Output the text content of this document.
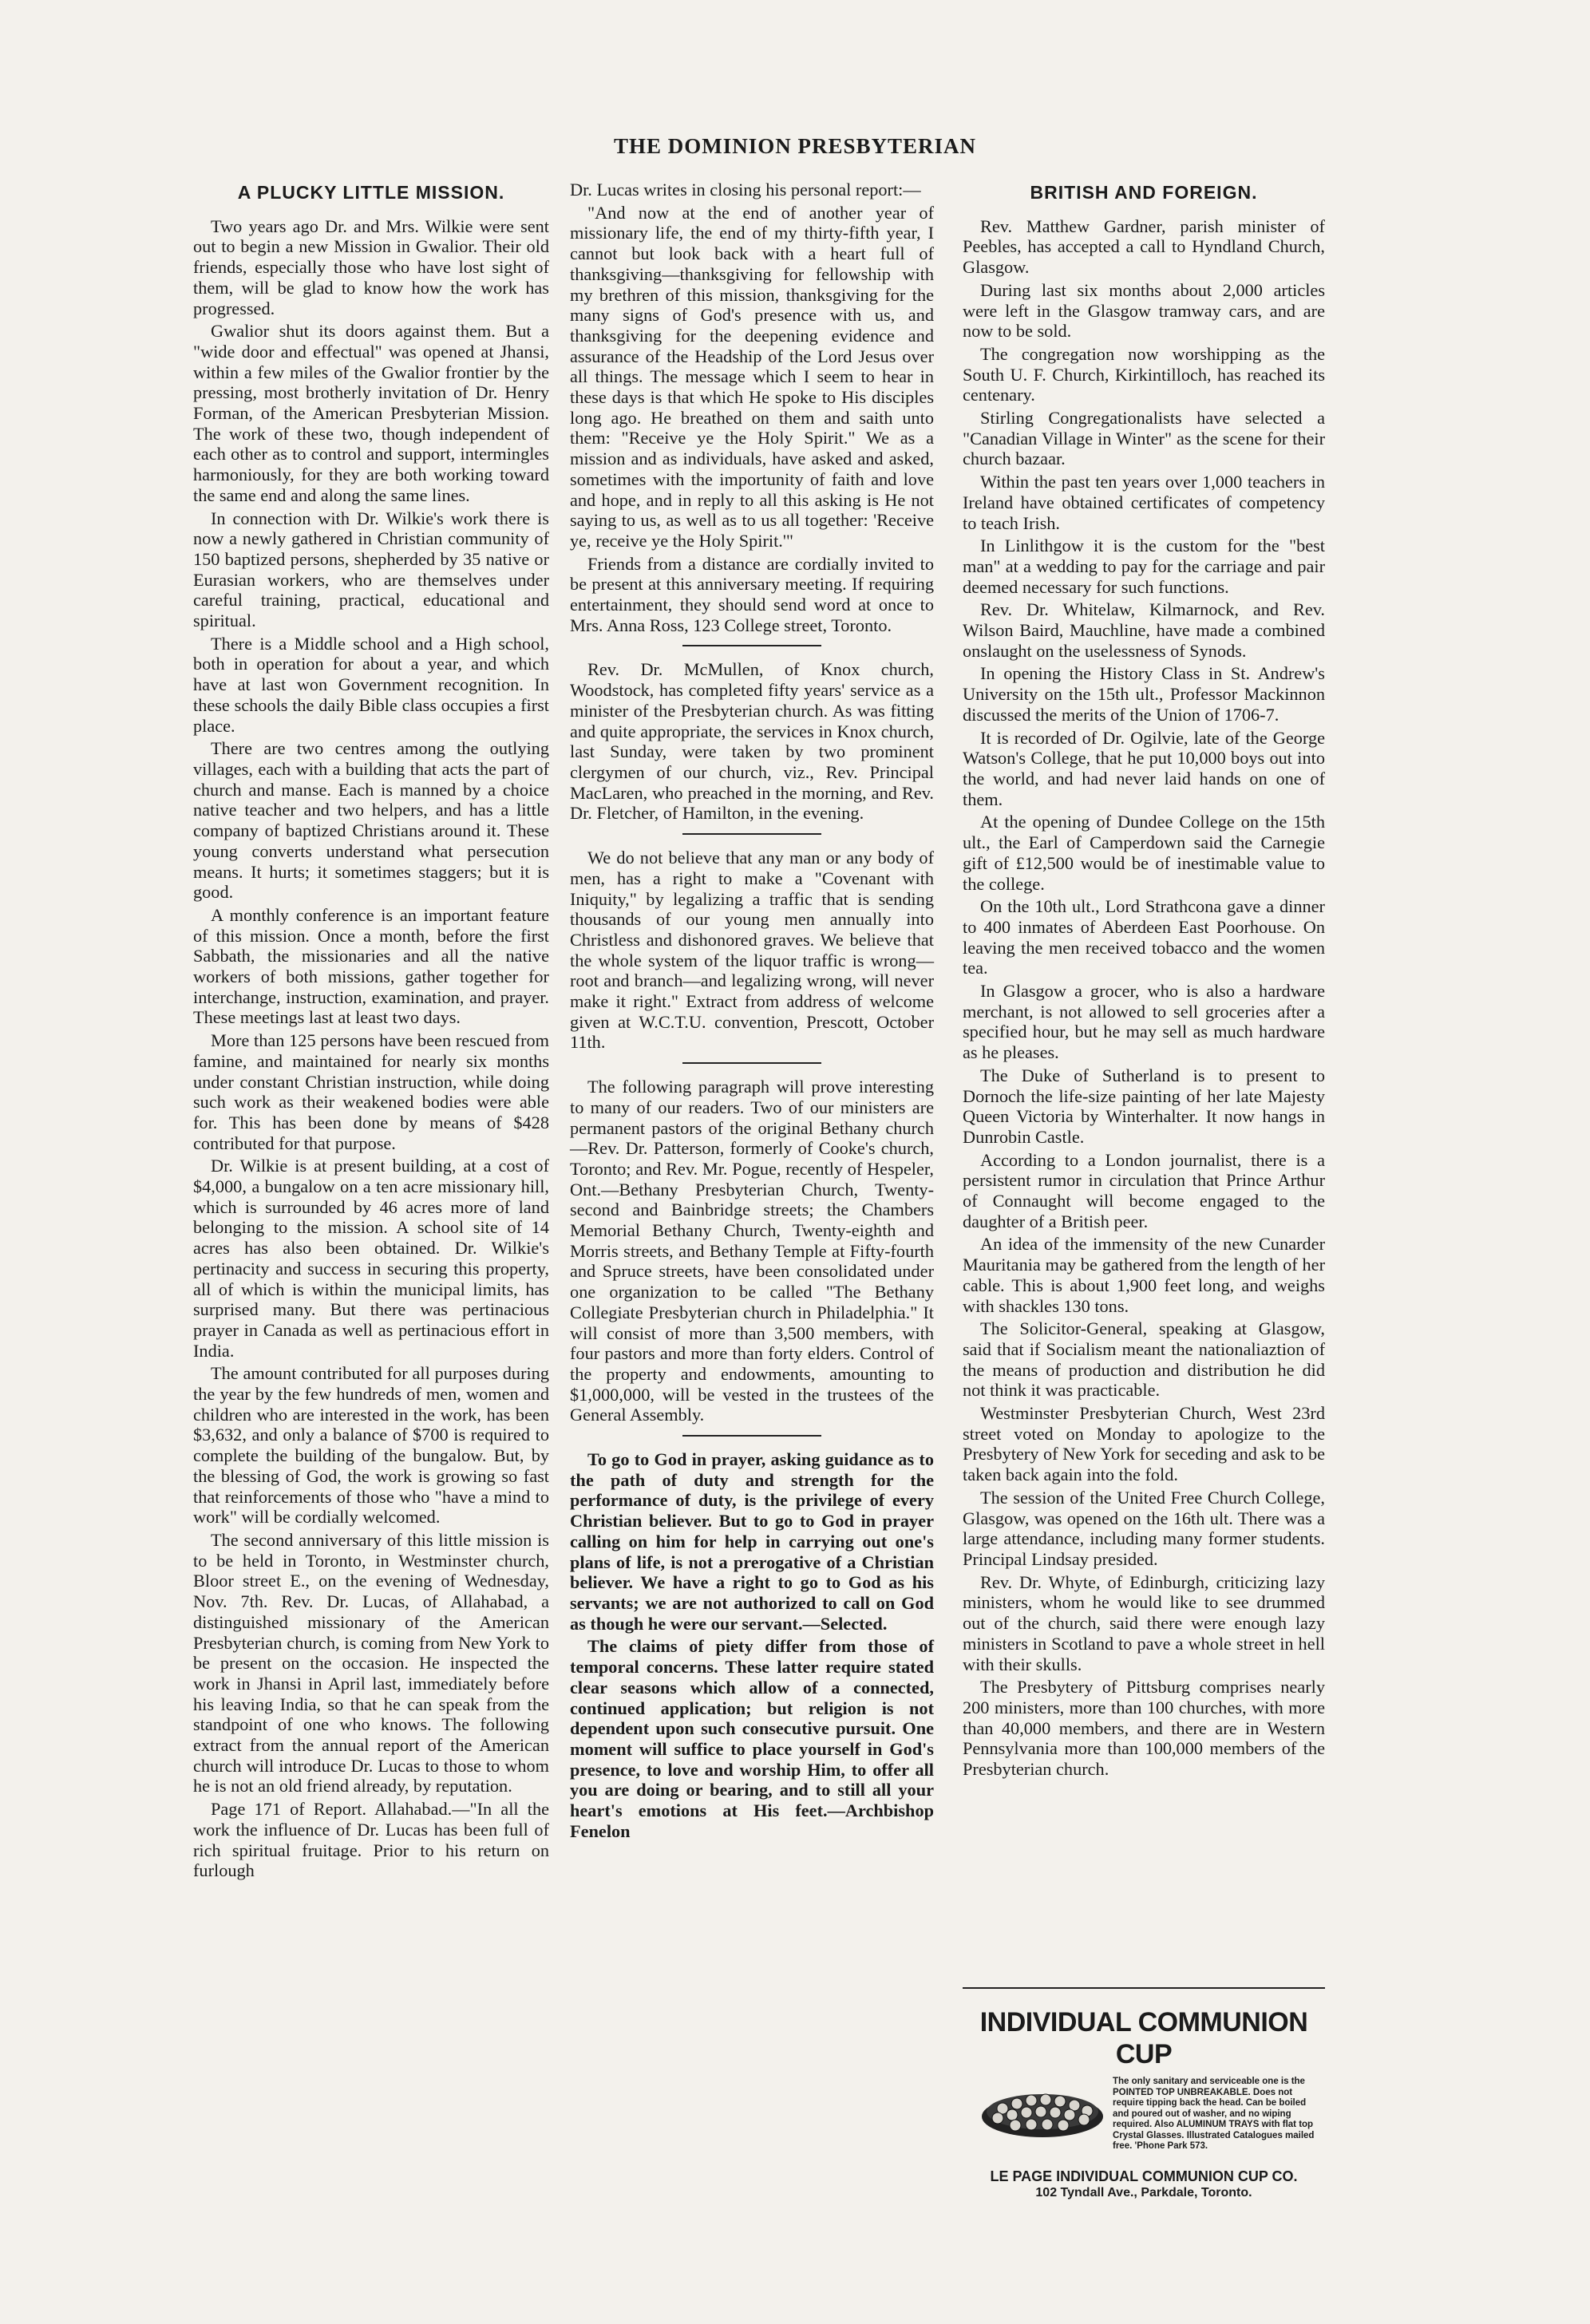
THE DOMINION PRESBYTERIAN
A PLUCKY LITTLE MISSION.

Two years ago Dr. and Mrs. Wilkie were sent out to begin a new Mission in Gwalior. Their old friends, especially those who have lost sight of them, will be glad to know how the work has progressed.

Gwalior shut its doors against them. But a "wide door and effectual" was opened at Jhansi, within a few miles of the Gwalior frontier by the pressing, most brotherly invitation of Dr. Henry Forman, of the American Presbyterian Mission. The work of these two, though independent of each other as to control and support, intermingles harmoniously, for they are both working toward the same end and along the same lines.

In connection with Dr. Wilkie's work there is now a newly gathered in Christian community of 150 baptized persons, shepherded by 35 native or Eurasian workers, who are themselves under careful training, practical, educational and spiritual.

There is a Middle school and a High school, both in operation for about a year, and which have at last won Government recognition. In these schools the daily Bible class occupies a first place.

There are two centres among the outlying villages, each with a building that acts the part of church and manse. Each is manned by a choice native teacher and two helpers, and has a little company of baptized Christians around it. These young converts understand what persecution means. It hurts; it sometimes staggers; but it is good.

A monthly conference is an important feature of this mission. Once a month, before the first Sabbath, the missionaries and all the native workers of both missions, gather together for interchange, instruction, examination, and prayer. These meetings last at least two days.

More than 125 persons have been rescued from famine, and maintained for nearly six months under constant Christian instruction, while doing such work as their weakened bodies were able for. This has been done by means of $428 contributed for that purpose.

Dr. Wilkie is at present building, at a cost of $4,000, a bungalow on a ten acre missionary hill, which is surrounded by 46 acres more of land belonging to the mission. A school site of 14 acres has also been obtained. Dr. Wilkie's pertinacity and success in securing this property, all of which is within the municipal limits, has surprised many. But there was pertinacious prayer in Canada as well as pertinacious effort in India.

The amount contributed for all purposes during the year by the few hundreds of men, women and children who are interested in the work, has been $3,632, and only a balance of $700 is required to complete the building of the bungalow. But, by the blessing of God, the work is growing so fast that reinforcements of those who "have a mind to work" will be cordially welcomed.

The second anniversary of this little mission is to be held in Toronto, in Westminster church, Bloor street E., on the evening of Wednesday, Nov. 7th. Rev. Dr. Lucas, of Allahabad, a distinguished missionary of the American Presbyterian church, is coming from New York to be present on the occasion. He inspected the work in Jhansi in April last, immediately before his leaving India, so that he can speak from the standpoint of one who knows. The following extract from the annual report of the American church will introduce Dr. Lucas to those to whom he is not an old friend already, by reputation.

Page 171 of Report. Allahabad.—"In all the work the influence of Dr. Lucas has been full of rich spiritual fruitage. Prior to his return on furlough

Dr. Lucas writes in closing his personal report:—

"And now at the end of another year of missionary life, the end of my thirty-fifth year, I cannot but look back with a heart full of thanksgiving—thanksgiving for fellowship with my brethren of this mission, thanksgiving for the many signs of God's presence with us, and thanksgiving for the deepening evidence and assurance of the Headship of the Lord Jesus over all things. The message which I seem to hear in these days is that which He spoke to His disciples long ago. He breathed on them and saith unto them: "Receive ye the Holy Spirit." We as a mission and as individuals, have asked and asked, sometimes with the importunity of faith and love and hope, and in reply to all this asking is He not saying to us, as well as to us all together: 'Receive ye, receive ye the Holy Spirit.'"

Friends from a distance are cordially invited to be present at this anniversary meeting. If requiring entertainment, they should send word at once to Mrs. Anna Ross, 123 College street, Toronto.

Rev. Dr. McMullen, of Knox church, Woodstock, has completed fifty years' service as a minister of the Presbyterian church. As was fitting and quite appropriate, the services in Knox church, last Sunday, were taken by two prominent clergymen of our church, viz., Rev. Principal MacLaren, who preached in the morning, and Rev. Dr. Fletcher, of Hamilton, in the evening.

We do not believe that any man or any body of men, has a right to make a "Covenant with Iniquity," by legalizing a traffic that is sending thousands of our young men annually into Christless and dishonored graves. We believe that the whole system of the liquor traffic is wrong—root and branch—and legalizing wrong, will never make it right." Extract from address of welcome given at W.C.T.U. convention, Prescott, October 11th.

The following paragraph will prove interesting to many of our readers. Two of our ministers are permanent pastors of the original Bethany church—Rev. Dr. Patterson, formerly of Cooke's church, Toronto; and Rev. Mr. Pogue, recently of Hespeler, Ont.—Bethany Presbyterian Church, Twenty-second and Bainbridge streets; the Chambers Memorial Bethany Church, Twenty-eighth and Morris streets, and Bethany Temple at Fifty-fourth and Spruce streets, have been consolidated under one organization to be called "The Bethany Collegiate Presbyterian church in Philadelphia." It will consist of more than 3,500 members, with four pastors and more than forty elders. Control of the property and endowments, amounting to $1,000,000, will be vested in the trustees of the General Assembly.

To go to God in prayer, asking guidance as to the path of duty and strength for the performance of duty, is the privilege of every Christian believer. But to go to God in prayer calling on him for help in carrying out one's plans of life, is not a prerogative of a Christian believer. We have a right to go to God as his servants; we are not authorized to call on God as though he were our servant.—Selected.

The claims of piety differ from those of temporal concerns. These latter require stated clear seasons which allow of a connected, continued application; but religion is not dependent upon such consecutive pursuit. One moment will suffice to place yourself in God's presence, to love and worship Him, to offer all you are doing or bearing, and to still all your heart's emotions at His feet.—Archbishop Fenelon

BRITISH AND FOREIGN.

Rev. Matthew Gardner, parish minister of Peebles, has accepted a call to Hyndland Church, Glasgow.

During last six months about 2,000 articles were left in the Glasgow tramway cars, and are now to be sold.

The congregation now worshipping as the South U. F. Church, Kirkintilloch, has reached its centenary.

Stirling Congregationalists have selected a "Canadian Village in Winter" as the scene for their church bazaar.

Within the past ten years over 1,000 teachers in Ireland have obtained certificates of competency to teach Irish.

In Linlithgow it is the custom for the "best man" at a wedding to pay for the carriage and pair deemed necessary for such functions.

Rev. Dr. Whitelaw, Kilmarnock, and Rev. Wilson Baird, Mauchline, have made a combined onslaught on the uselessness of Synods.

In opening the History Class in St. Andrew's University on the 15th ult., Professor Mackinnon discussed the merits of the Union of 1706-7.

It is recorded of Dr. Ogilvie, late of the George Watson's College, that he put 10,000 boys out into the world, and had never laid hands on one of them.

At the opening of Dundee College on the 15th ult., the Earl of Camperdown said the Carnegie gift of £12,500 would be of inestimable value to the college.

On the 10th ult., Lord Strathcona gave a dinner to 400 inmates of Aberdeen East Poorhouse. On leaving the men received tobacco and the women tea.

In Glasgow a grocer, who is also a hardware merchant, is not allowed to sell groceries after a specified hour, but he may sell as much hardware as he pleases.

The Duke of Sutherland is to present to Dornoch the life-size painting of her late Majesty Queen Victoria by Winterhalter. It now hangs in Dunrobin Castle.

According to a London journalist, there is a persistent rumor in circulation that Prince Arthur of Connaught will become engaged to the daughter of a British peer.

An idea of the immensity of the new Cunarder Mauritania may be gathered from the length of her cable. This is about 1,900 feet long, and weighs with shackles 130 tons.

The Solicitor-General, speaking at Glasgow, said that if Socialism meant the nationaliaztion of the means of production and distribution he did not think it was practicable.

Westminster Presbyterian Church, West 23rd street voted on Monday to apologize to the Presbytery of New York for seceding and ask to be taken back again into the fold.

The session of the United Free Church College, Glasgow, was opened on the 16th ult. There was a large attendance, including many former students. Principal Lindsay presided.

Rev. Dr. Whyte, of Edinburgh, criticizing lazy ministers, whom he would like to see drummed out of the church, said there were enough lazy ministers in Scotland to pave a whole street in hell with their skulls.

The Presbytery of Pittsburg comprises nearly 200 ministers, more than 100 churches, with more than 40,000 members, and there are in Western Pennsylvania more than 100,000 members of the Presbyterian church.

INDIVIDUAL COMMUNION CUP
The only sanitary and serviceable one is the POINTED TOP UNBREAKABLE. Does not require tipping back the head. Can be boiled and poured out of washer, and no wiping required. Also ALUMINUM TRAYS with flat top Crystal Glasses. Illustrated Catalogues mailed free. 'Phone Park 573.
LE PAGE INDIVIDUAL COMMUNION CUP CO.
102 Tyndall Ave., Parkdale, Toronto.
